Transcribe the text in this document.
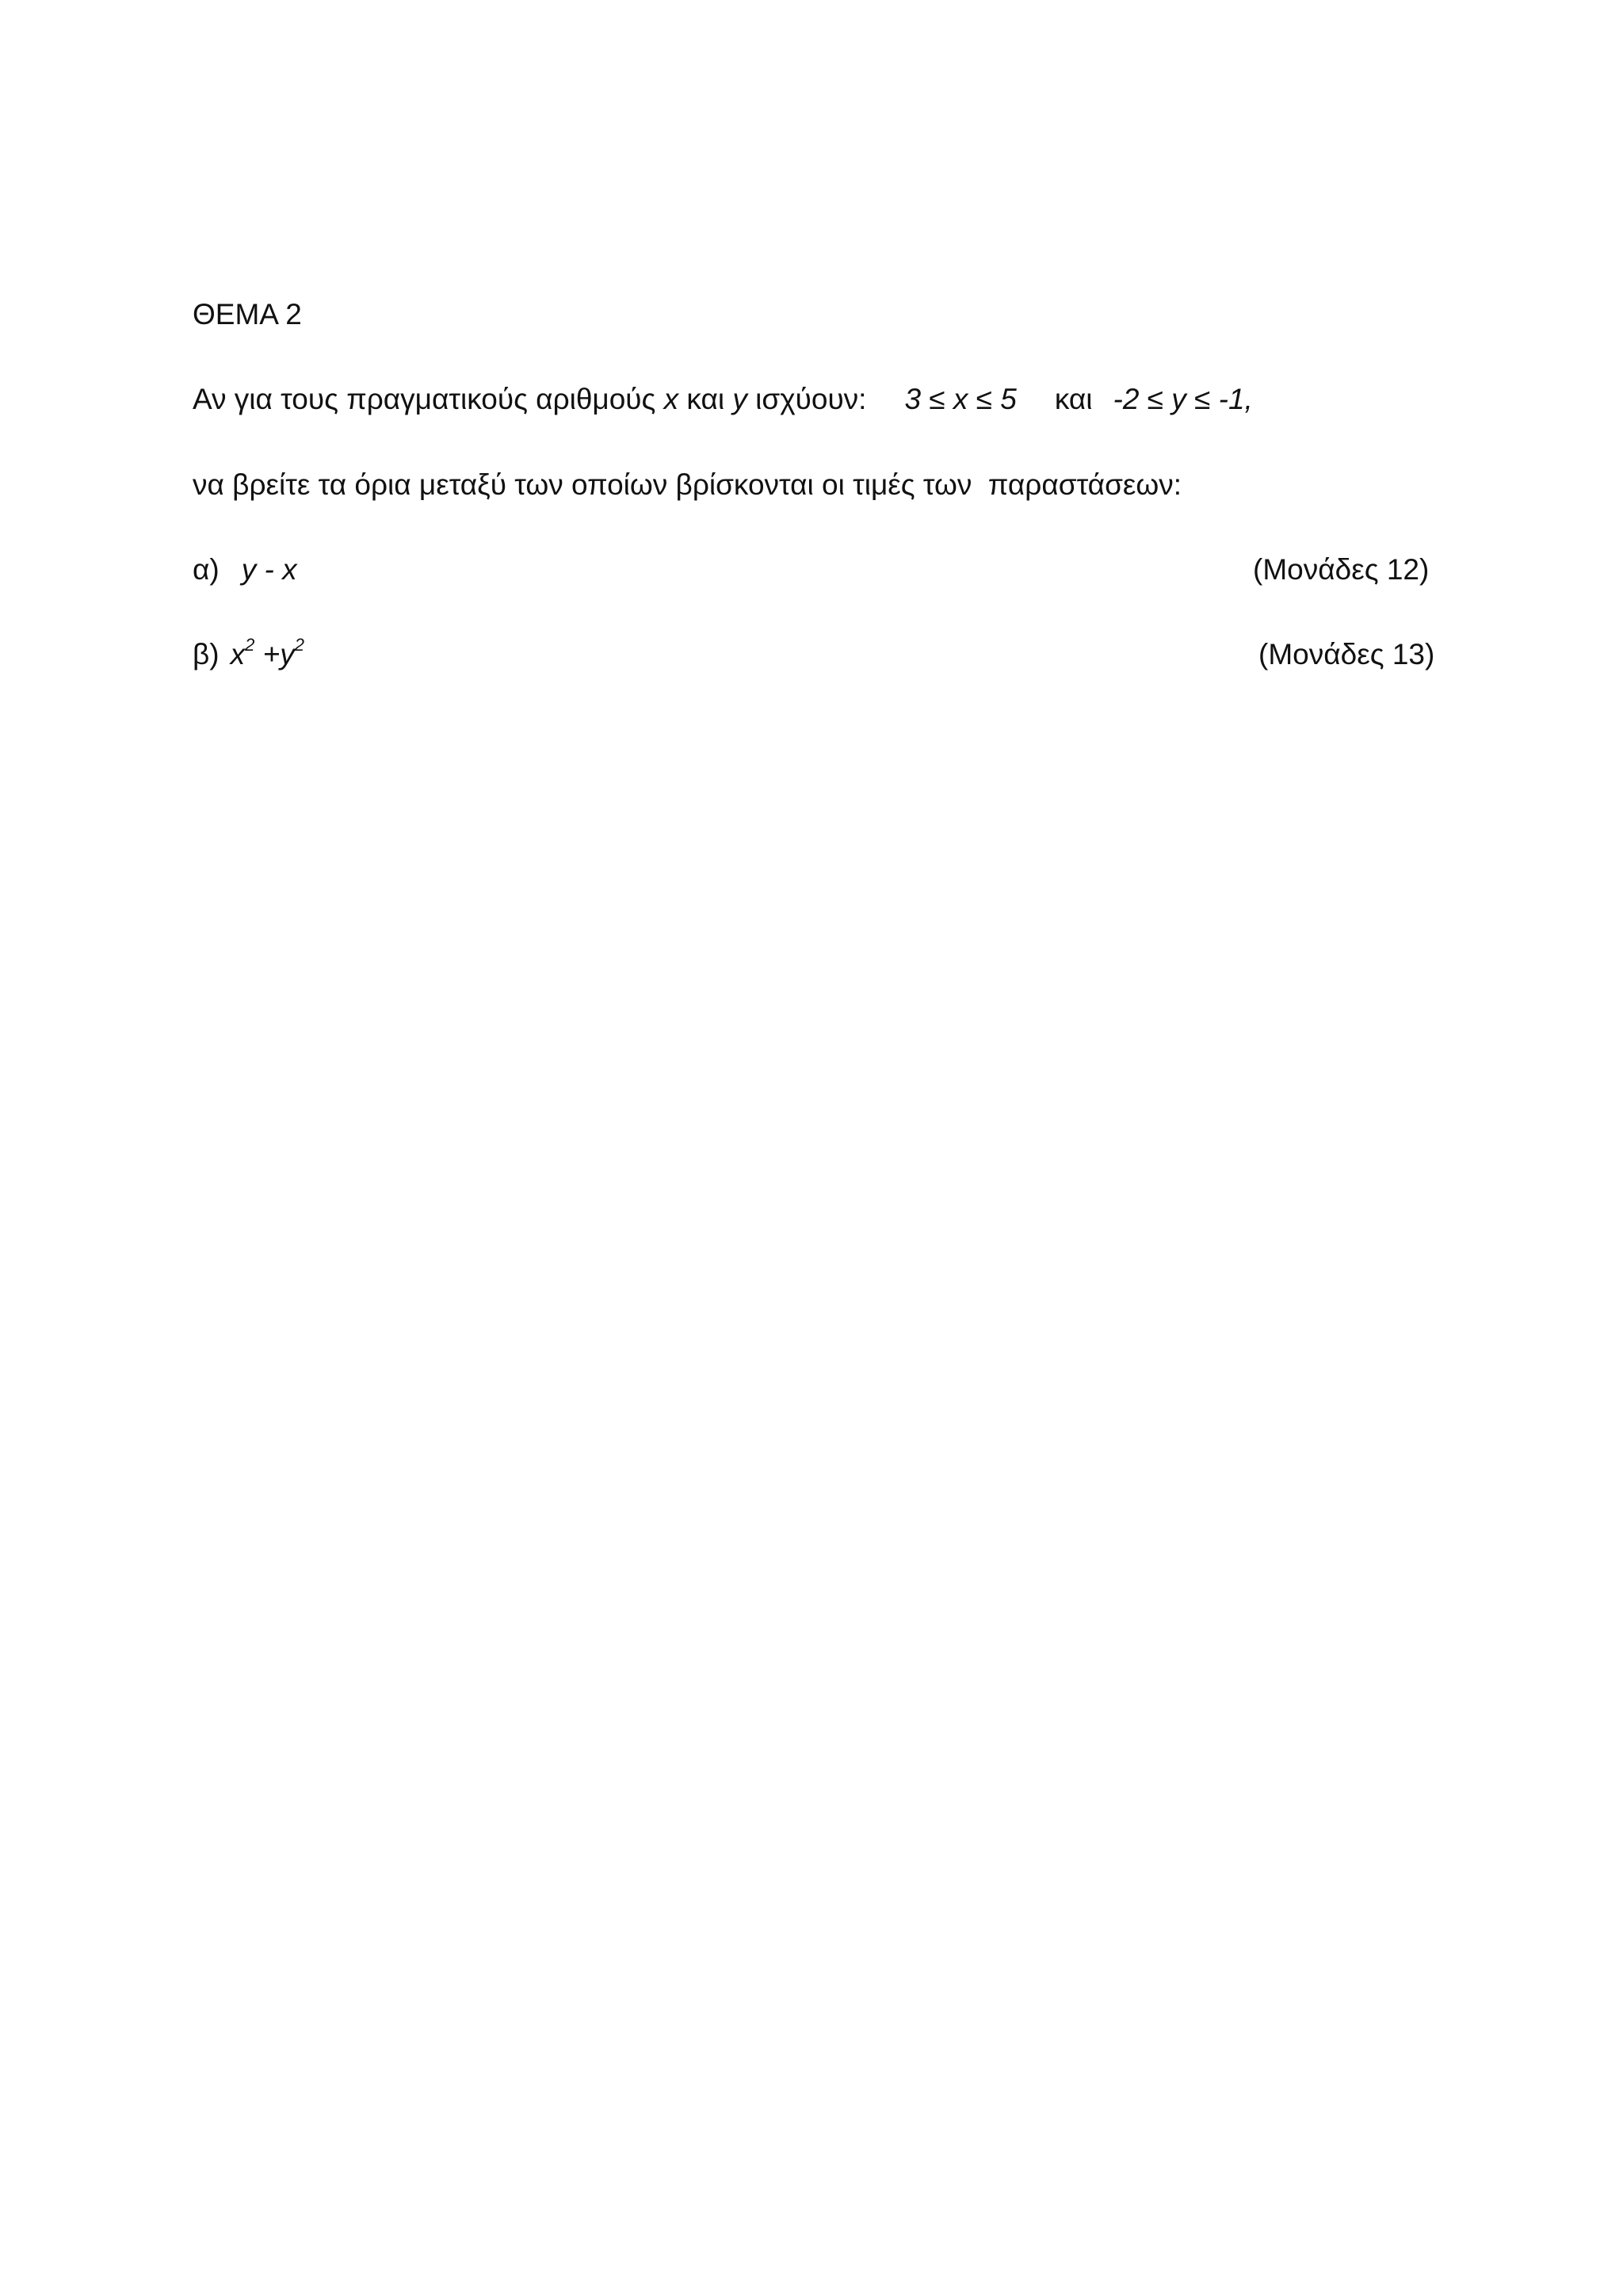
ΘΕΜΑ 2
Αν για τους πραγματικούς αριθμούς x και y ισχύουν: 3 ≤ x ≤ 5 και -2 ≤ y ≤ -1,
να βρείτε τα όρια μεταξύ των οποίων βρίσκονται οι τιμές των  παραστάσεων:
α) y - x	(Μονάδες 12)
β) $x^2 +y^2$	(Μονάδες 13)
